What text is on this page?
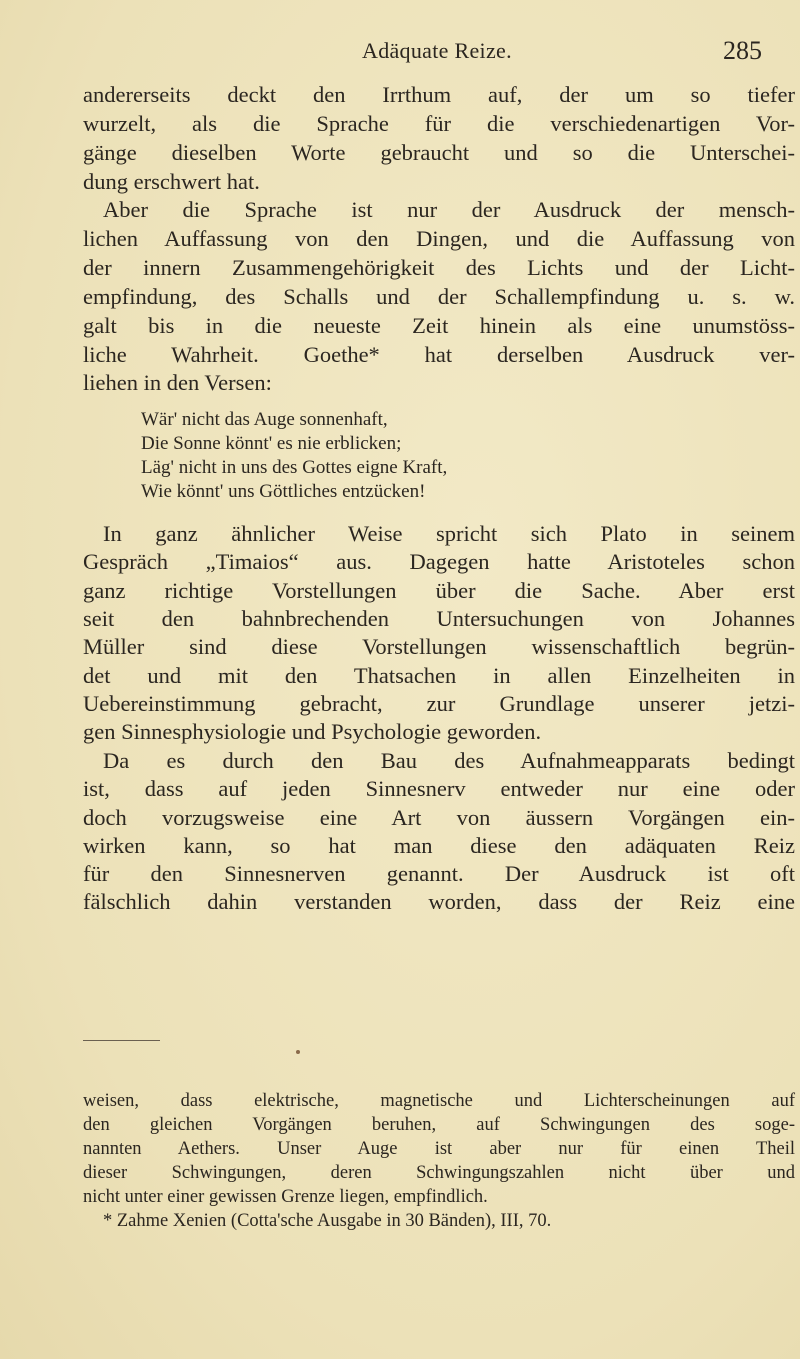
Adäquate Reize.	285
andererseits deckt den Irrthum auf, der um so tiefer
wurzelt, als die Sprache für die verschiedenartigen Vor-
gänge dieselben Worte gebraucht und so die Unterschei-
dung erschwert hat.
Aber die Sprache ist nur der Ausdruck der mensch-
lichen Auffassung von den Dingen, und die Auffassung von
der innern Zusammengehörigkeit des Lichts und der Licht-
empfindung, des Schalls und der Schallempfindung u. s. w.
galt bis in die neueste Zeit hinein als eine unumstöss-
liche Wahrheit. Goethe* hat derselben Ausdruck ver-
liehen in den Versen:
Wär' nicht das Auge sonnenhaft,
Die Sonne könnt' es nie erblicken;
Läg' nicht in uns des Gottes eigne Kraft,
Wie könnt' uns Göttliches entzücken!
In ganz ähnlicher Weise spricht sich Plato in seinem
Gespräch „Timaios“ aus. Dagegen hatte Aristoteles schon
ganz richtige Vorstellungen über die Sache. Aber erst
seit den bahnbrechenden Untersuchungen von Johannes
Müller sind diese Vorstellungen wissenschaftlich begrün-
det und mit den Thatsachen in allen Einzelheiten in
Uebereinstimmung gebracht, zur Grundlage unserer jetzi-
gen Sinnesphysiologie und Psychologie geworden.
Da es durch den Bau des Aufnahmeapparats bedingt
ist, dass auf jeden Sinnesnerv entweder nur eine oder
doch vorzugsweise eine Art von äussern Vorgängen ein-
wirken kann, so hat man diese den adäquaten Reiz
für den Sinnesnerven genannt. Der Ausdruck ist oft
fälschlich dahin verstanden worden, dass der Reiz eine
weisen, dass elektrische, magnetische und Lichterscheinungen auf
den gleichen Vorgängen beruhen, auf Schwingungen des soge-
nannten Aethers. Unser Auge ist aber nur für einen Theil
dieser Schwingungen, deren Schwingungszahlen nicht über und
nicht unter einer gewissen Grenze liegen, empfindlich.
* Zahme Xenien (Cotta'sche Ausgabe in 30 Bänden), III, 70.
